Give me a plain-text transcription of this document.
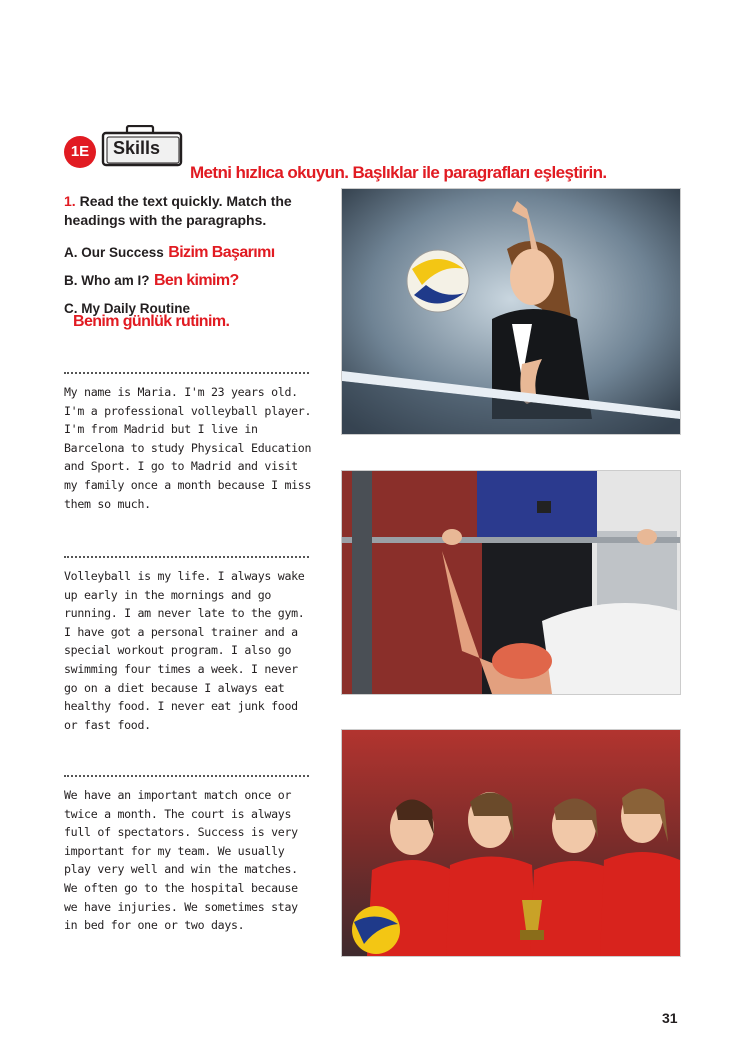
1E	Skills
Metni hızlıca okuyun. Başlıklar ile paragrafları eşleştirin.
1. Read the text quickly. Match the headings with the paragraphs.
A. Our Success Bizim Başarımı
B. Who am I? Ben kimim?
C. My Daily Routine
Benim günlük rutinim.
My name is Maria. I'm 23 years old. I'm a professional volleyball player. I'm from Madrid but I live in Barcelona to study Physical Education and Sport. I go to Madrid and visit my family once a month because I miss them so much.
Volleyball is my life. I always wake up early in the mornings and go running. I am never late to the gym. I have got a personal trainer and a special workout program. I also go swimming four times a week. I never go on a diet because I always eat healthy food. I never eat junk food or fast food.
We have an important match once or twice a month. The court is always full of spectators. Success is very important for my team. We usually play very well and win the matches. We often go to the hospital because we have injuries. We sometimes stay in bed for one or two days.
31
